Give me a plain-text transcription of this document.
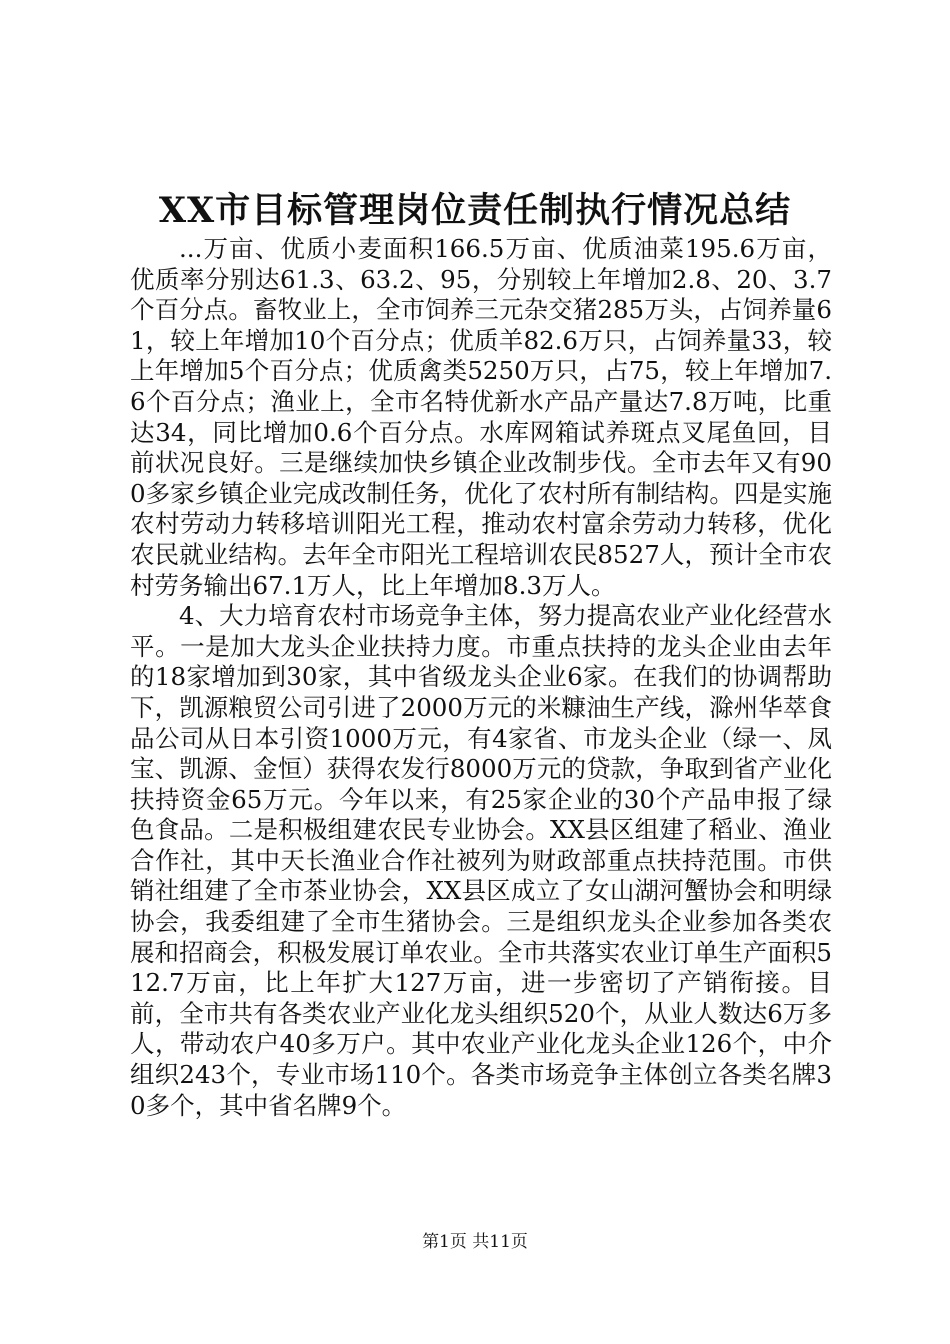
XX市目标管理岗位责任制执行情况总结

...万亩、优质小麦面积166.5万亩、优质油菜195.6万亩，优质率分别达61.3、63.2、95，分别较上年增加2.8、20、3.7个百分点。畜牧业上，全市饲养三元杂交猪285万头，占饲养量61，较上年增加10个百分点；优质羊82.6万只，占饲养量33，较上年增加5个百分点；优质禽类5250万只，占75，较上年增加7.6个百分点；渔业上，全市名特优新水产品产量达7.8万吨，比重达34，同比增加0.6个百分点。水库网箱试养斑点叉尾鱼回，目前状况良好。三是继续加快乡镇企业改制步伐。全市去年又有900多家乡镇企业完成改制任务，优化了农村所有制结构。四是实施农村劳动力转移培训阳光工程，推动农村富余劳动力转移，优化农民就业结构。去年全市阳光工程培训农民8527人，预计全市农村劳务输出67.1万人，比上年增加8.3万人。

4、大力培育农村市场竞争主体，努力提高农业产业化经营水平。一是加大龙头企业扶持力度。市重点扶持的龙头企业由去年的18家增加到30家，其中省级龙头企业6家。在我们的协调帮助下，凯源粮贸公司引进了2000万元的米糠油生产线，滁州华萃食品公司从日本引资1000万元，有4家省、市龙头企业（绿一、凤宝、凯源、金恒）获得农发行8000万元的贷款，争取到省产业化扶持资金65万元。今年以来，有25家企业的30个产品申报了绿色食品。二是积极组建农民专业协会。XX县区组建了稻业、渔业合作社，其中天长渔业合作社被列为财政部重点扶持范围。市供销社组建了全市茶业协会，XX县区成立了女山湖河蟹协会和明绿协会，我委组建了全市生猪协会。三是组织龙头企业参加各类农展和招商会，积极发展订单农业。全市共落实农业订单生产面积512.7万亩，比上年扩大127万亩，进一步密切了产销衔接。目前，全市共有各类农业产业化龙头组织520个，从业人数达6万多人，带动农户40多万户。其中农业产业化龙头企业126个，中介组织243个，专业市场110个。各类市场竞争主体创立各类名牌30多个，其中省名牌9个。

第1页 共11页
